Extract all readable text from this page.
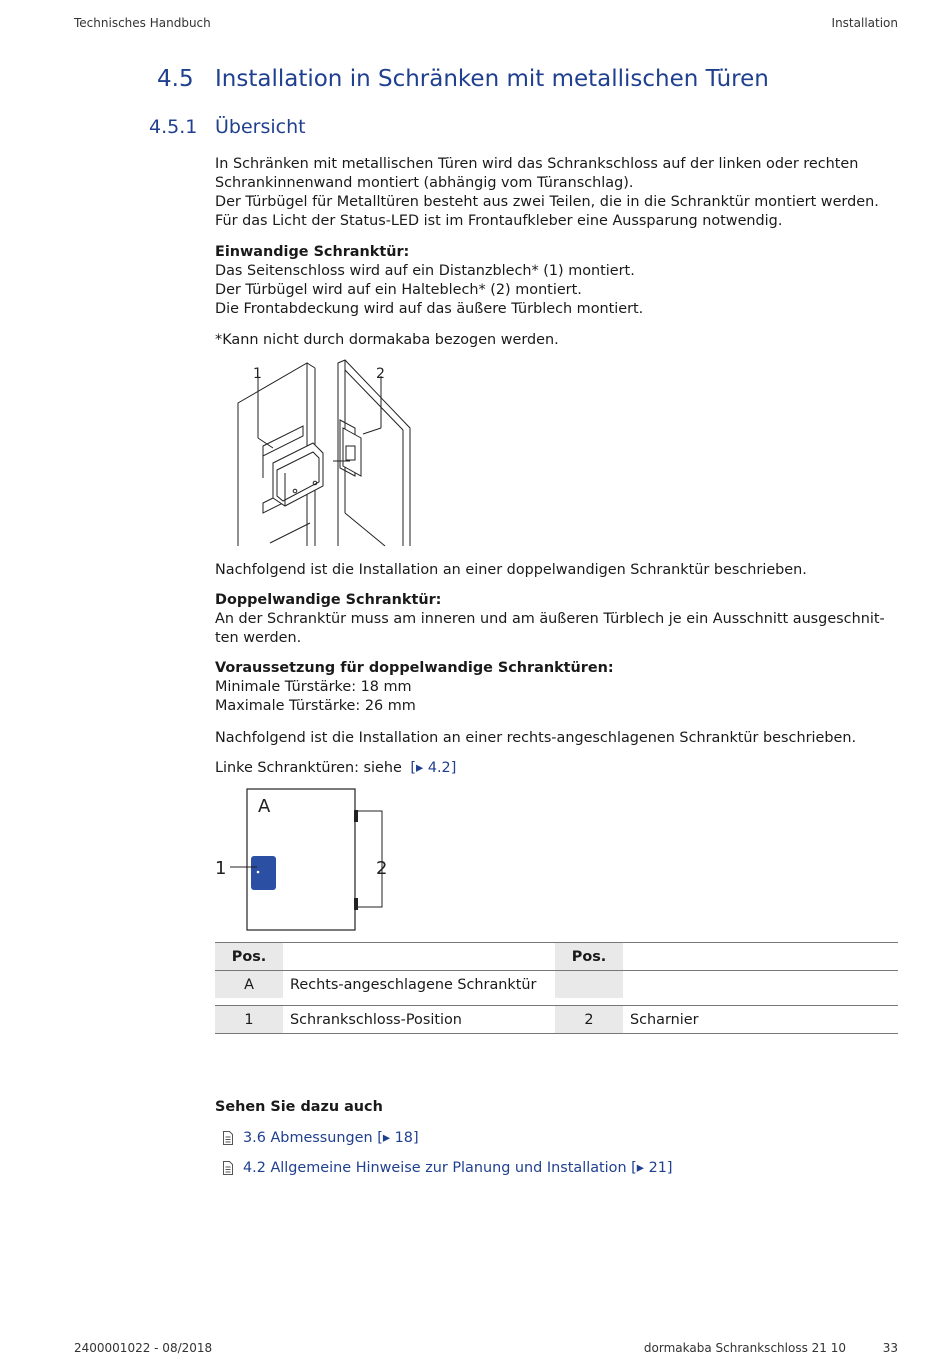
Technisches Handbuch	Installation
4.5 Installation in Schränken mit metallischen Türen
4.5.1 Übersicht
In Schränken mit metallischen Türen wird das Schrankschloss auf der linken oder rechten
Schrankinnenwand montiert (abhängig vom Türanschlag).
Der Türbügel für Metalltüren besteht aus zwei Teilen, die in die Schranktür montiert werden.
Für das Licht der Status-LED ist im Frontaufkleber eine Aussparung notwendig.
Einwandige Schranktür:
Das Seitenschloss wird auf ein Distanzblech* (1) montiert.
Der Türbügel wird auf ein Halteblech* (2) montiert.
Die Frontabdeckung wird auf das äußere Türblech montiert.
*Kann nicht durch dormakaba bezogen werden.
1	2
Nachfolgend ist die Installation an einer doppelwandigen Schranktür beschrieben.
Doppelwandige Schranktür:
An der Schranktür muss am inneren und am äußeren Türblech je ein Ausschnitt ausgeschnit-
ten werden.
Voraussetzung für doppelwandige Schranktüren:
Minimale Türstärke: 18 mm
Maximale Türstärke: 26 mm
Nachfolgend ist die Installation an einer rechts-angeschlagenen Schranktür beschrieben.
Linke Schranktüren: siehe [▸ 4.2]
A
1	2
Pos.		Pos.	
A	Rechts-angeschlagene Schranktür		

1	Schrankschloss-Position	2	Scharnier
Sehen Sie dazu auch
3.6 Abmessungen [▸ 18]
4.2 Allgemeine Hinweise zur Planung und Installation [▸ 21]
2400001022 - 08/2018	dormakaba Schrankschloss 21 10	33
